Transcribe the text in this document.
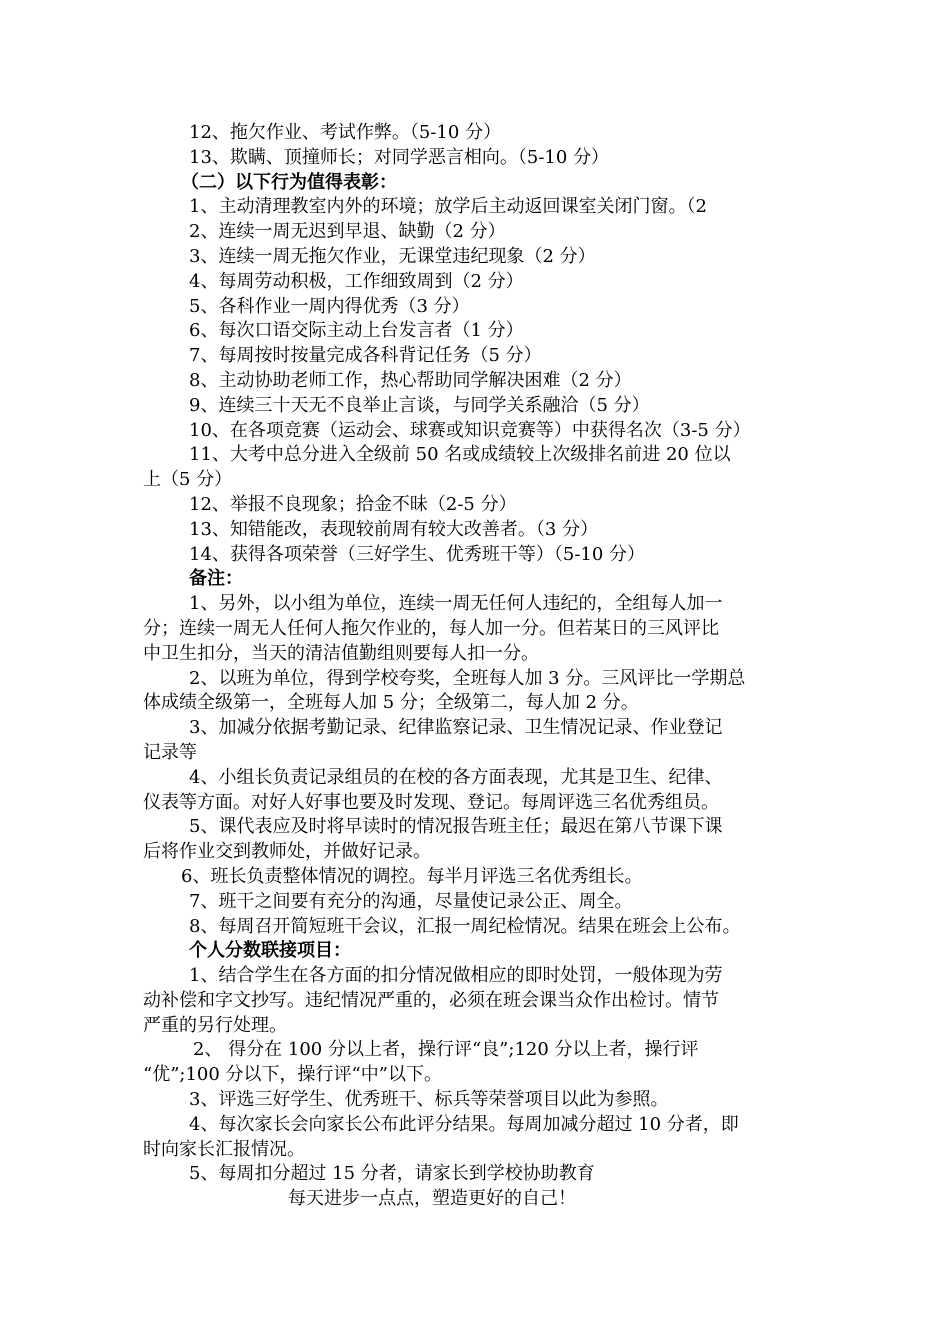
12、拖欠作业、考试作弊。（5-10 分）
13、欺瞒、顶撞师长；对同学恶言相向。（5-10 分）
（二）以下行为值得表彰：
1、主动清理教室内外的环境；放学后主动返回课室关闭门窗。（2
2、连续一周无迟到早退、缺勤（2 分）
3、连续一周无拖欠作业，无课堂违纪现象（2 分）
4、每周劳动积极，工作细致周到（2 分）
5、各科作业一周内得优秀（3 分）
6、每次口语交际主动上台发言者（1 分）
7、每周按时按量完成各科背记任务（5 分）
8、主动协助老师工作，热心帮助同学解决困难（2 分）
9、连续三十天无不良举止言谈，与同学关系融洽（5 分）
10、在各项竞赛（运动会、球赛或知识竞赛等）中获得名次（3-5 分）
11、大考中总分进入全级前 50 名或成绩较上次级排名前进 20 位以
上（5 分）
12、举报不良现象；拾金不昧（2-5 分）
13、知错能改，表现较前周有较大改善者。（3 分）
14、获得各项荣誉（三好学生、优秀班干等）（5-10 分）
备注：
1、另外，以小组为单位，连续一周无任何人违纪的，全组每人加一
分；连续一周无人任何人拖欠作业的，每人加一分。但若某日的三风评比
中卫生扣分，当天的清洁值勤组则要每人扣一分。
2、以班为单位，得到学校夸奖，全班每人加 3 分。三风评比一学期总
体成绩全级第一，全班每人加 5 分；全级第二，每人加 2 分。
3、加减分依据考勤记录、纪律监察记录、卫生情况记录、作业登记
记录等
4、小组长负责记录组员的在校的各方面表现，尤其是卫生、纪律、
仪表等方面。对好人好事也要及时发现、登记。每周评选三名优秀组员。
5、课代表应及时将早读时的情况报告班主任；最迟在第八节课下课
后将作业交到教师处，并做好记录。
6、班长负责整体情况的调控。每半月评选三名优秀组长。
7、班干之间要有充分的沟通，尽量使记录公正、周全。
8、每周召开简短班干会议，汇报一周纪检情况。结果在班会上公布。
个人分数联接项目：
1、结合学生在各方面的扣分情况做相应的即时处罚，一般体现为劳
动补偿和字文抄写。违纪情况严重的，必须在班会课当众作出检讨。情节
严重的另行处理。
2、 得分在 100 分以上者，操行评“良”;120 分以上者，操行评
“优”;100 分以下，操行评“中”以下。
3、评选三好学生、优秀班干、标兵等荣誉项目以此为参照。
4、每次家长会向家长公布此评分结果。每周加减分超过 10 分者，即
时向家长汇报情况。
5、每周扣分超过 15 分者，请家长到学校协助教育
每天进步一点点，塑造更好的自己！
